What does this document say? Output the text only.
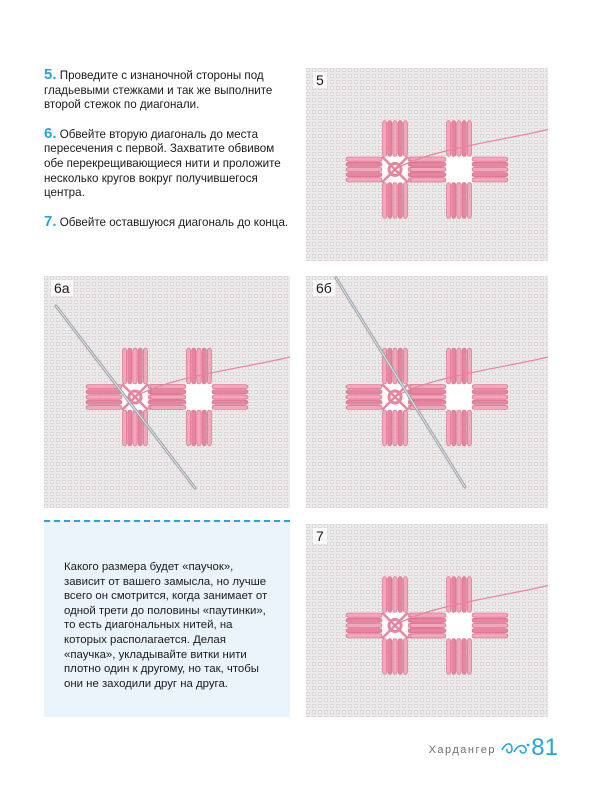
5. Проведите с изнаночной стороны под гладьевыми стежками и так же выполните второй стежок по диагонали.

6. Обвейте вторую диагональ до места пересечения с первой. Захватите обвивом обе перекрещивающиеся нити и проложите несколько кругов вокруг получившегося центра.

7. Обвейте оставшуюся диагональ до конца.

5
6а	6б

Какого размера будет «паучок», зависит от вашего замысла, но лучше всего он смотрится, когда занимает от одной трети до половины «паутинки», то есть диагональных нитей, на которых располагается. Делая «паучка», укладывайте витки нити плотно один к другому, но так, чтобы они не заходили друг на друга.

7
Хардангер 81
